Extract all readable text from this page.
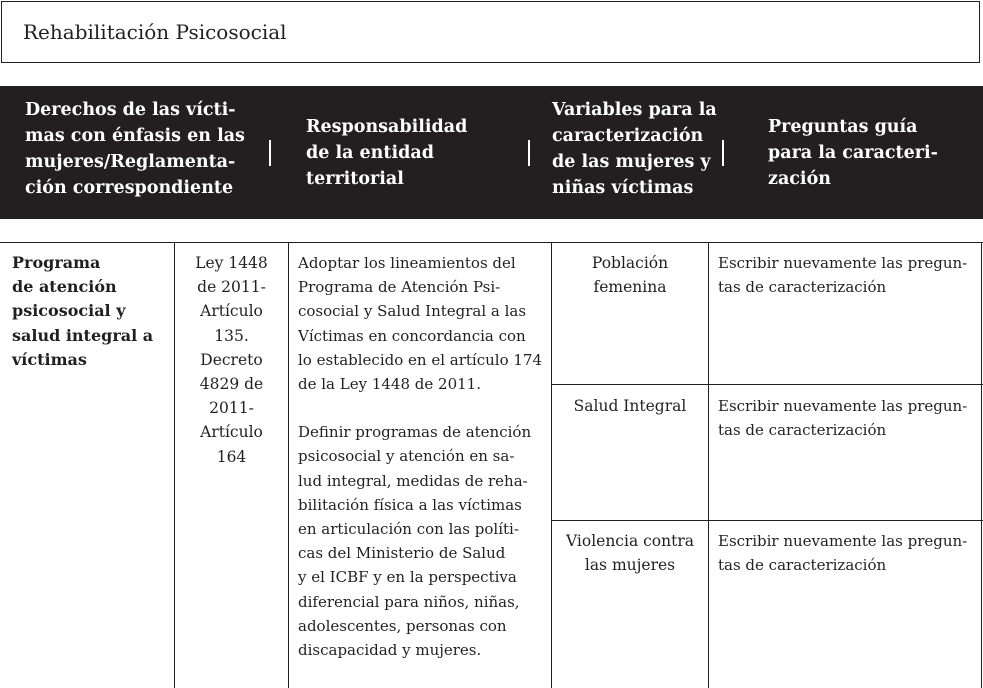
Rehabilitación Psicosocial
Derechos de las vícti-
mas con énfasis en las
mujeres/Reglamenta-
ción correspondiente
Responsabilidad
de la entidad
territorial
Variables para la
caracterización
de las mujeres y
niñas víctimas
Preguntas guía
para la caracteri-
zación
Programa
de atención
psicosocial y
salud integral a
víctimas
Ley 1448
de 2011-
Artículo
135.
Decreto
4829 de
2011-
Artículo
164
Adoptar los lineamientos del
Programa de Atención Psi-
cosocial y Salud Integral a las
Víctimas en concordancia con
lo establecido en el artículo 174
de la Ley 1448 de 2011.
Definir programas de atención
psicosocial y atención en sa-
lud integral, medidas de reha-
bilitación física a las víctimas
en articulación con las políti-
cas del Ministerio de Salud
y el ICBF y en la perspectiva
diferencial para niños, niñas,
adolescentes, personas con
discapacidad y mujeres.
Población
femenina
Escribir nuevamente las pregun-
tas de caracterización
Salud Integral	Escribir nuevamente las pregun-
tas de caracterización
Violencia contra
las mujeres
Escribir nuevamente las pregun-
tas de caracterización
